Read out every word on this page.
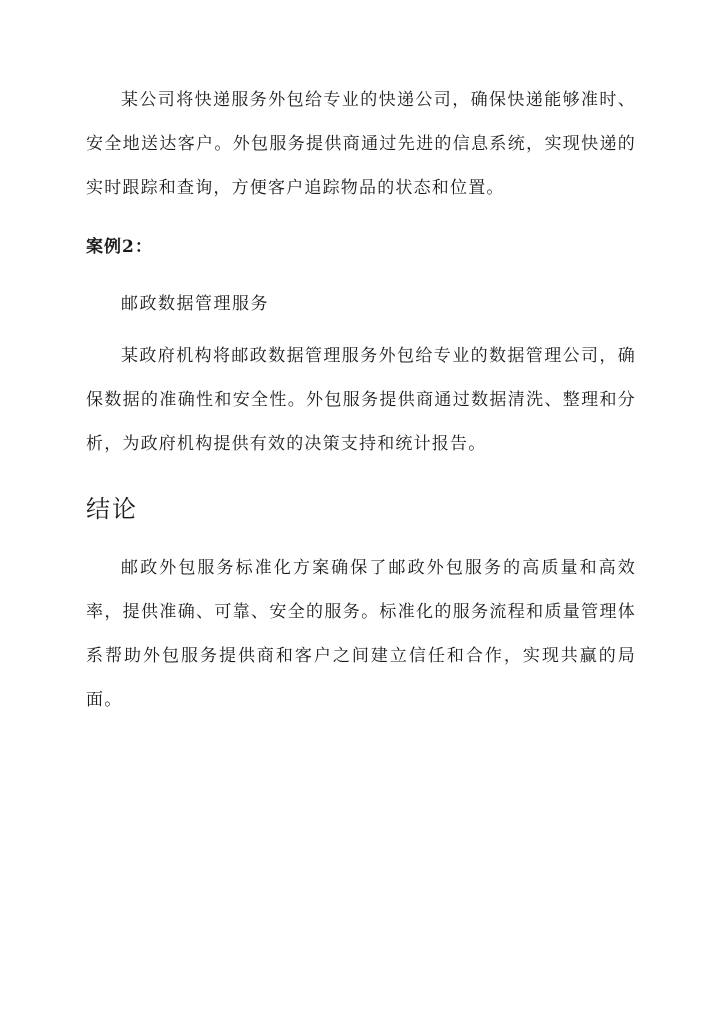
某公司将快递服务外包给专业的快递公司，确保快递能够准时、安全地送达客户。外包服务提供商通过先进的信息系统，实现快递的实时跟踪和查询，方便客户追踪物品的状态和位置。

案例2：

邮政数据管理服务

某政府机构将邮政数据管理服务外包给专业的数据管理公司，确保数据的准确性和安全性。外包服务提供商通过数据清洗、整理和分析，为政府机构提供有效的决策支持和统计报告。

结论

邮政外包服务标准化方案确保了邮政外包服务的高质量和高效率，提供准确、可靠、安全的服务。标准化的服务流程和质量管理体系帮助外包服务提供商和客户之间建立信任和合作，实现共赢的局面。
